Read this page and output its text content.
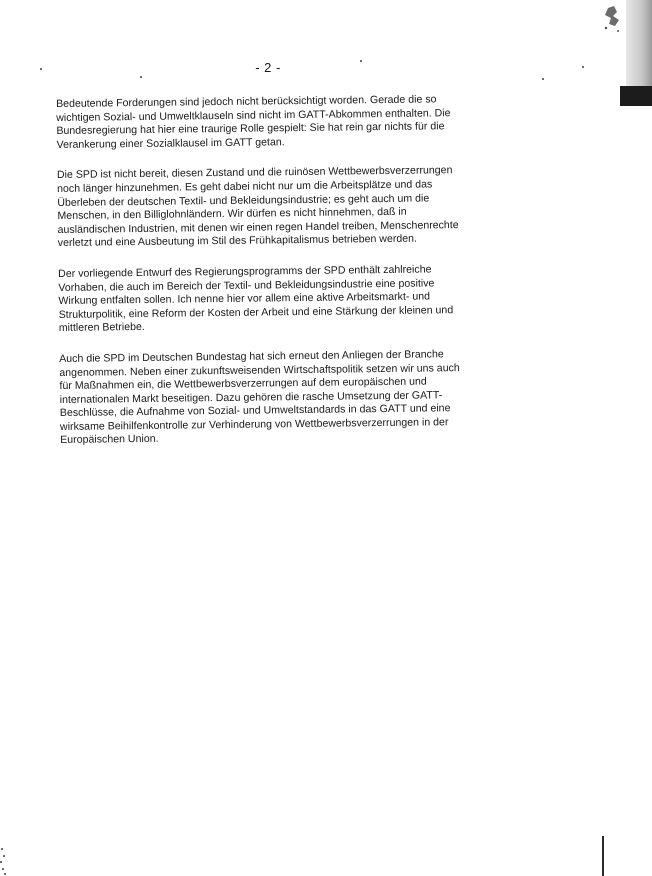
- 2 -

Bedeutende Forderungen sind jedoch nicht berücksichtigt worden. Gerade die so
wichtigen Sozial- und Umweltklauseln sind nicht im GATT-Abkommen enthalten. Die
Bundesregierung hat hier eine traurige Rolle gespielt: Sie hat rein gar nichts für die
Verankerung einer Sozialklausel im GATT getan.

Die SPD ist nicht bereit, diesen Zustand und die ruinösen Wettbewerbsverzerrungen
noch länger hinzunehmen. Es geht dabei nicht nur um die Arbeitsplätze und das
Überleben der deutschen Textil- und Bekleidungsindustrie; es geht auch um die
Menschen, in den Billiglohnländern. Wir dürfen es nicht hinnehmen, daß in
ausländischen Industrien, mit denen wir einen regen Handel treiben, Menschenrechte
verletzt und eine Ausbeutung im Stil des Frühkapitalismus betrieben werden.

Der vorliegende Entwurf des Regierungsprogramms der SPD enthält zahlreiche
Vorhaben, die auch im Bereich der Textil- und Bekleidungsindustrie eine positive
Wirkung entfalten sollen. Ich nenne hier vor allem eine aktive Arbeitsmarkt- und
Strukturpolitik, eine Reform der Kosten der Arbeit und eine Stärkung der kleinen und
mittleren Betriebe.

Auch die SPD im Deutschen Bundestag hat sich erneut den Anliegen der Branche
angenommen. Neben einer zukunftsweisenden Wirtschaftspolitik setzen wir uns auch
für Maßnahmen ein, die Wettbewerbsverzerrungen auf dem europäischen und
internationalen Markt beseitigen. Dazu gehören die rasche Umsetzung der GATT-
Beschlüsse, die Aufnahme von Sozial- und Umweltstandards in das GATT und eine
wirksame Beihilfenkontrolle zur Verhinderung von Wettbewerbsverzerrungen in der
Europäischen Union.
